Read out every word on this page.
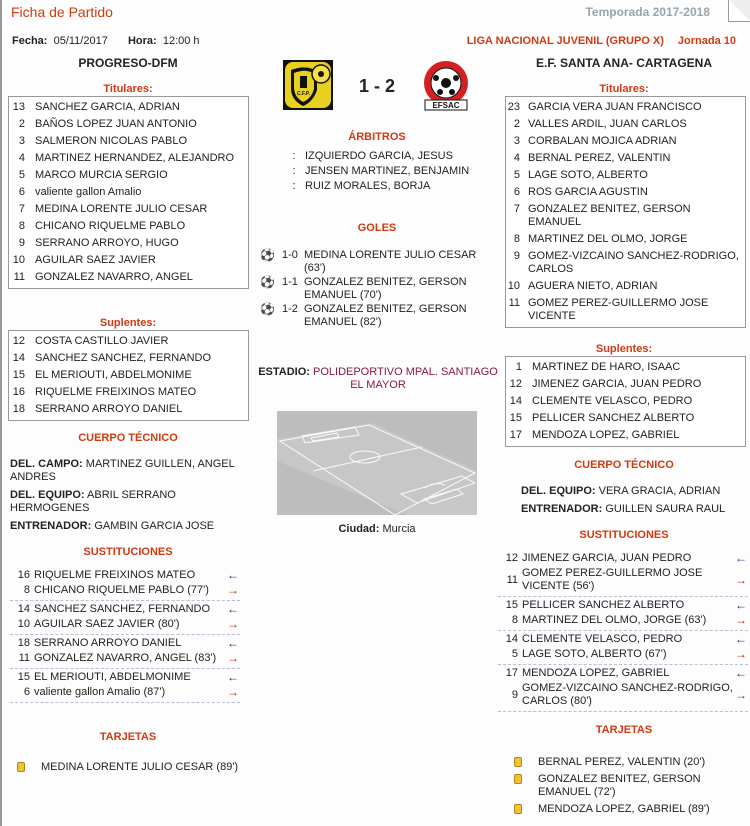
Ficha de Partido	Temporada 2017-2018
Fecha: 05/11/2017 Hora: 12:00 h	LIGA NACIONAL JUVENIL (GRUPO X) Jornada 10
PROGRESO-DFM
Titulares:
13 SANCHEZ GARCIA, ADRIAN
2 BAÑOS LOPEZ JUAN ANTONIO
3 SALMERON NICOLAS PABLO
4 MARTINEZ HERNANDEZ, ALEJANDRO
5 MARCO MURCIA SERGIO
6 valiente gallon Amalio
7 MEDINA LORENTE JULIO CESAR
8 CHICANO RIQUELME PABLO
9 SERRANO ARROYO, HUGO
10 AGUILAR SAEZ JAVIER
11 GONZALEZ NAVARRO, ANGEL
Suplentes:
12 COSTA CASTILLO JAVIER
14 SANCHEZ SANCHEZ, FERNANDO
15 EL MERIOUTI, ABDELMONIME
16 RIQUELME FREIXINOS MATEO
18 SERRANO ARROYO DANIEL
CUERPO TÉCNICO
DEL. CAMPO: MARTINEZ GUILLEN, ANGEL ANDRES
DEL. EQUIPO: ABRIL SERRANO HERMOGENES
ENTRENADOR: GAMBIN GARCIA JOSE
SUSTITUCIONES
16 RIQUELME FREIXINOS MATEO	←
8 CHICANO RIQUELME PABLO (77')	→
14 SANCHEZ SANCHEZ, FERNANDO	←
10 AGUILAR SAEZ JAVIER (80')	→
18 SERRANO ARROYO DANIEL	←
11 GONZALEZ NAVARRO, ANGEL (83') →
15 EL MERIOUTI, ABDELMONIME	←
6 valiente gallon Amalio (87')	→
TARJETAS
MEDINA LORENTE JULIO CESAR (89')
C.F.P.	1 - 2
EFSAC
ÁRBITROS
: IZQUIERDO GARCIA, JESUS
: JENSEN MARTINEZ, BENJAMIN
: RUIZ MORALES, BORJA
GOLES
⚽ 1-0 MEDINA LORENTE JULIO CESAR (63')
⚽ 1-1 GONZALEZ BENITEZ, GERSON EMANUEL (70')
⚽ 1-2 GONZALEZ BENITEZ, GERSON EMANUEL (82')
ESTADIO: POLIDEPORTIVO MPAL. SANTIAGO EL MAYOR
Ciudad: Murcia
E.F. SANTA ANA- CARTAGENA
Titulares:
23 GARCIA VERA JUAN FRANCISCO
2 VALLES ARDIL, JUAN CARLOS
3 CORBALAN MOJICA ADRIAN
4 BERNAL PEREZ, VALENTIN
5 LAGE SOTO, ALBERTO
6 ROS GARCIA AGUSTIN
7 GONZALEZ BENITEZ, GERSON EMANUEL
8 MARTINEZ DEL OLMO, JORGE
9 GOMEZ-VIZCAINO SANCHEZ-RODRIGO, CARLOS
10 AGUERA NIETO, ADRIAN
11 GOMEZ PEREZ-GUILLERMO JOSE VICENTE
Suplentes:
1 MARTINEZ DE HARO, ISAAC
12 JIMENEZ GARCIA, JUAN PEDRO
14 CLEMENTE VELASCO, PEDRO
15 PELLICER SANCHEZ ALBERTO
17 MENDOZA LOPEZ, GABRIEL
CUERPO TÉCNICO
DEL. EQUIPO: VERA GRACIA, ADRIAN
ENTRENADOR: GUILLEN SAURA RAUL
SUSTITUCIONES
12 JIMENEZ GARCIA, JUAN PEDRO	←
11
GOMEZ PEREZ-GUILLERMO JOSE VICENTE (56')	→
15 PELLICER SANCHEZ ALBERTO	←
8 MARTINEZ DEL OLMO, JORGE (63')	→
14 CLEMENTE VELASCO, PEDRO	←
5 LAGE SOTO, ALBERTO (67')	→
17 MENDOZA LOPEZ, GABRIEL	←
9
GOMEZ-VIZCAINO SANCHEZ-RODRIGO, CARLOS (80')	→
TARJETAS
BERNAL PEREZ, VALENTIN (20')
GONZALEZ BENITEZ, GERSON EMANUEL (72')
MENDOZA LOPEZ, GABRIEL (89')
